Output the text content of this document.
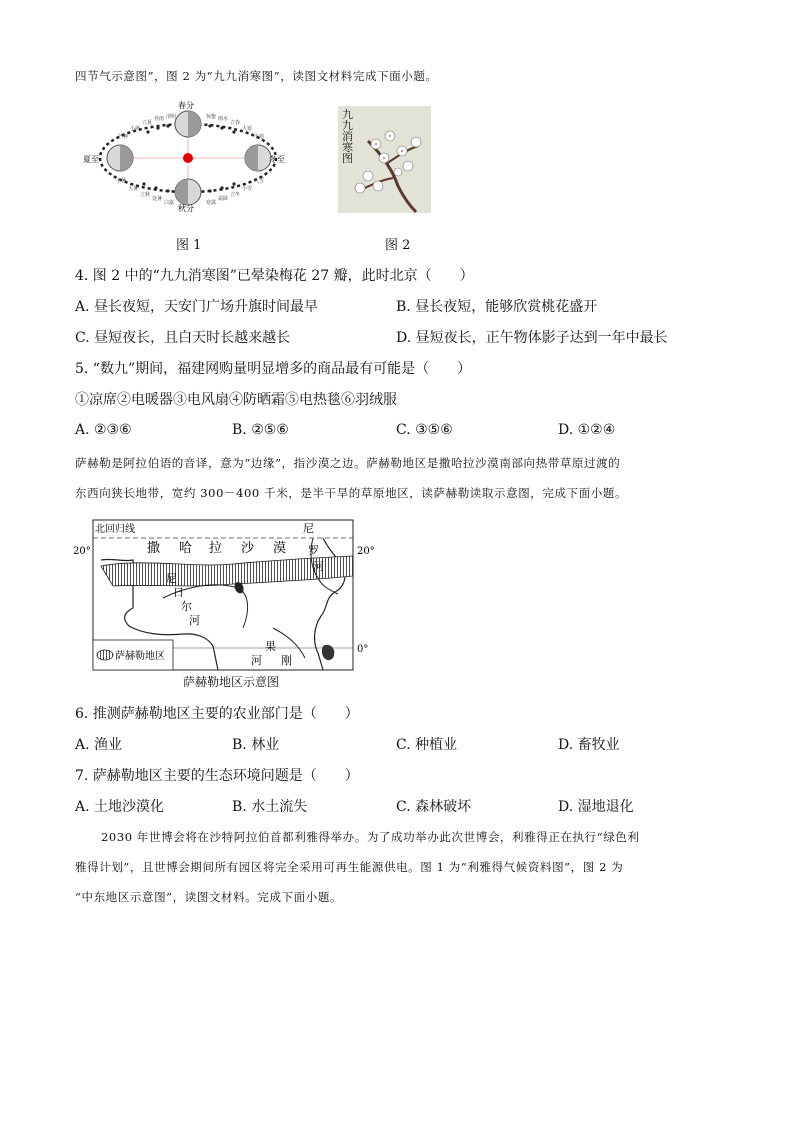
四节气示意图”，图 2 为“九九消寒图”，读图文材料完成下面小题。
春分
夏至	冬至
秋分
芒种
小满
立夏
谷雨 清明	惊蛰 雨水
立春
大寒
小寒
小暑
大暑
立秋
处暑
白露	寒露
霜降
立冬
小雪
大雪
图 1
九九消寒图
图 2
4. 图 2 中的“九九消寒图”已晕染梅花 27 瓣，此时北京（　　）
A. 昼长夜短，天安门广场升旗时间最早	B. 昼长夜短，能够欣赏桃花盛开
C. 昼短夜长，且白天时长越来越长	D. 昼短夜长，正午物体影子达到一年中最长
5. “数九”期间，福建网购量明显增多的商品最有可能是（　　）
①凉席②电暖器③电风扇④防晒霜⑤电热毯⑥羽绒服
A. ②③⑥	B. ②⑤⑥	C. ③⑤⑥	D. ①②④
萨赫勒是阿拉伯语的音译，意为“边缘”，指沙漠之边。萨赫勒地区是撒哈拉沙漠南部向热带草原过渡的
东西向狭长地带，宽约 300－400 千米，是半干旱的草原地区，读萨赫勒读取示意图，完成下面小题。
20°	20°
0°
北回归线
撒 哈 拉 沙 漠
尼
罗
河
尼
日
尔
河
果
河 刚
萨赫勒地区
萨赫勒地区示意图
6. 推测萨赫勒地区主要的农业部门是（　　）
A. 渔业	B. 林业	C. 种植业	D. 畜牧业
7. 萨赫勒地区主要的生态环境问题是（　　）
A. 土地沙漠化	B. 水土流失	C. 森林破坏	D. 湿地退化
2030 年世博会将在沙特阿拉伯首都利雅得举办。为了成功举办此次世博会，利雅得正在执行“绿色利
雅得计划”，且世博会期间所有园区将完全采用可再生能源供电。图 1 为“利雅得气候资料图”，图 2 为
“中东地区示意图”，读图文材料。完成下面小题。
